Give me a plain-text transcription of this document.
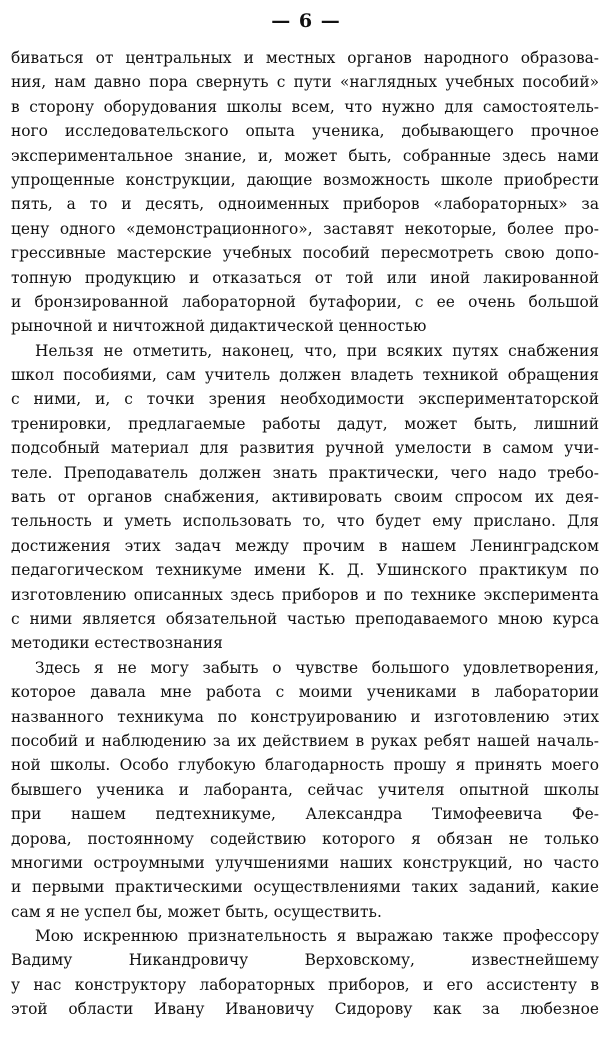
— 6 —
биваться от центральных и местных органов народного образова-
ния, нам давно пора свернуть с пути «наглядных учебных пособий»
в сторону оборудования школы всем, что нужно для самостоятель-
ного исследовательского опыта ученика, добывающего прочное
экспериментальное знание, и, может быть, собранные здесь нами
упрощенные конструкции, дающие возможность школе приобрести
пять, а то и десять, одноименных приборов «лабораторных» за
цену одного «демонстрационного», заставят некоторые, более про-
грессивные мастерские учебных пособий пересмотреть свою допо-
топную продукцию и отказаться от той или иной лакированной
и бронзированной лабораторной бутафории, с ее очень большой
рыночной и ничтожной дидактической ценностью
Нельзя не отметить, наконец, что, при всяких путях снабжения
школ пособиями, сам учитель должен владеть техникой обращения
с ними, и, с точки зрения необходимости экспериментаторской
тренировки, предлагаемые работы дадут, может быть, лишний
подсобный материал для развития ручной умелости в самом учи-
теле. Преподаватель должен знать практически, чего надо требо-
вать от органов снабжения, активировать своим спросом их дея-
тельность и уметь использовать то, что будет ему прислано. Для
достижения этих задач между прочим в нашем Ленинградском
педагогическом техникуме имени К. Д. Ушинского практикум по
изготовлению описанных здесь приборов и по технике эксперимента
с ними является обязательной частью преподаваемого мною курса
методики естествознания
Здесь я не могу забыть о чувстве большого удовлетворения,
которое давала мне работа с моими учениками в лаборатории
названного техникума по конструированию и изготовлению этих
пособий и наблюдению за их действием в руках ребят нашей началь-
ной школы. Особо глубокую благодарность прошу я принять моего
бывшего ученика и лаборанта, сейчас учителя опытной школы
при нашем педтехникуме, Александра Тимофеевича Фе-
дорова, постоянному содействию которого я обязан не только
многими остроумными улучшениями наших конструкций, но часто
и первыми практическими осуществлениями таких заданий, какие
сам я не успел бы, может быть, осуществить.
Мою искреннюю признательность я выражаю также профессору
Вадиму Никандровичу Верховскому, известнейшему
у нас конструктору лабораторных приборов, и его ассистенту в
этой области Ивану Ивановичу Сидорову как за любезное
